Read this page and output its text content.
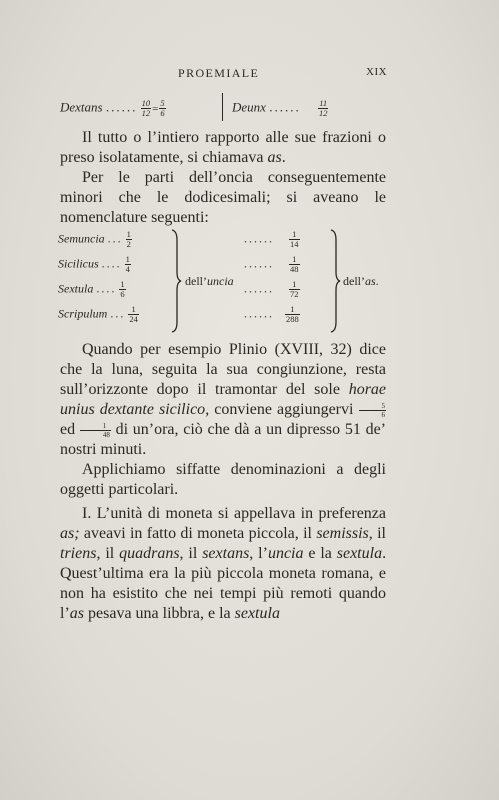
PROEMIALE	XIX
Dextans ...... $\frac{10}{12} = \frac{5}{6}$	Deunx ...... $\frac{11}{12}$

Il tutto o l’intiero rapporto alle sue frazioni o preso isolatamente, si chiamava as.

Per le parti dell’oncia conseguentemente minori che le dodicesimali; si aveano le nomenclature seguenti:

Semuncia ... $\frac{1}{2}$
Sicilicus .... $\frac{1}{4}$
Sextula .... $\frac{1}{6}$
Scripulum ... $\frac{1}{24}$
dell’uncia
...... $\frac{1}{14}$
...... $\frac{1}{48}$
...... $\frac{1}{72}$
...... $\frac{1}{288}$
dell’as.

Quando per esempio Plinio (XVIII, 32) dice che la luna, seguita la sua congiunzione, resta sull’orizzonte dopo il tramontar del sole horae unius dextante sicilico, conviene aggiungervi $\frac{5}{6}$
ed $\frac{1}{48}$ di un’ora, ciò che dà a un dipresso 51 de’ nostri minuti.

Applichiamo siffatte denominazioni a degli oggetti particolari.

I. L’unità di moneta si appellava in preferenza as; aveavi in fatto di moneta piccola, il semissis, il triens, il quadrans, il sextans, l’uncia e la sextula. Quest’ultima era la più piccola moneta romana, e non ha esistito che nei tempi più remoti quando l’as pesava una libbra, e la sextula
